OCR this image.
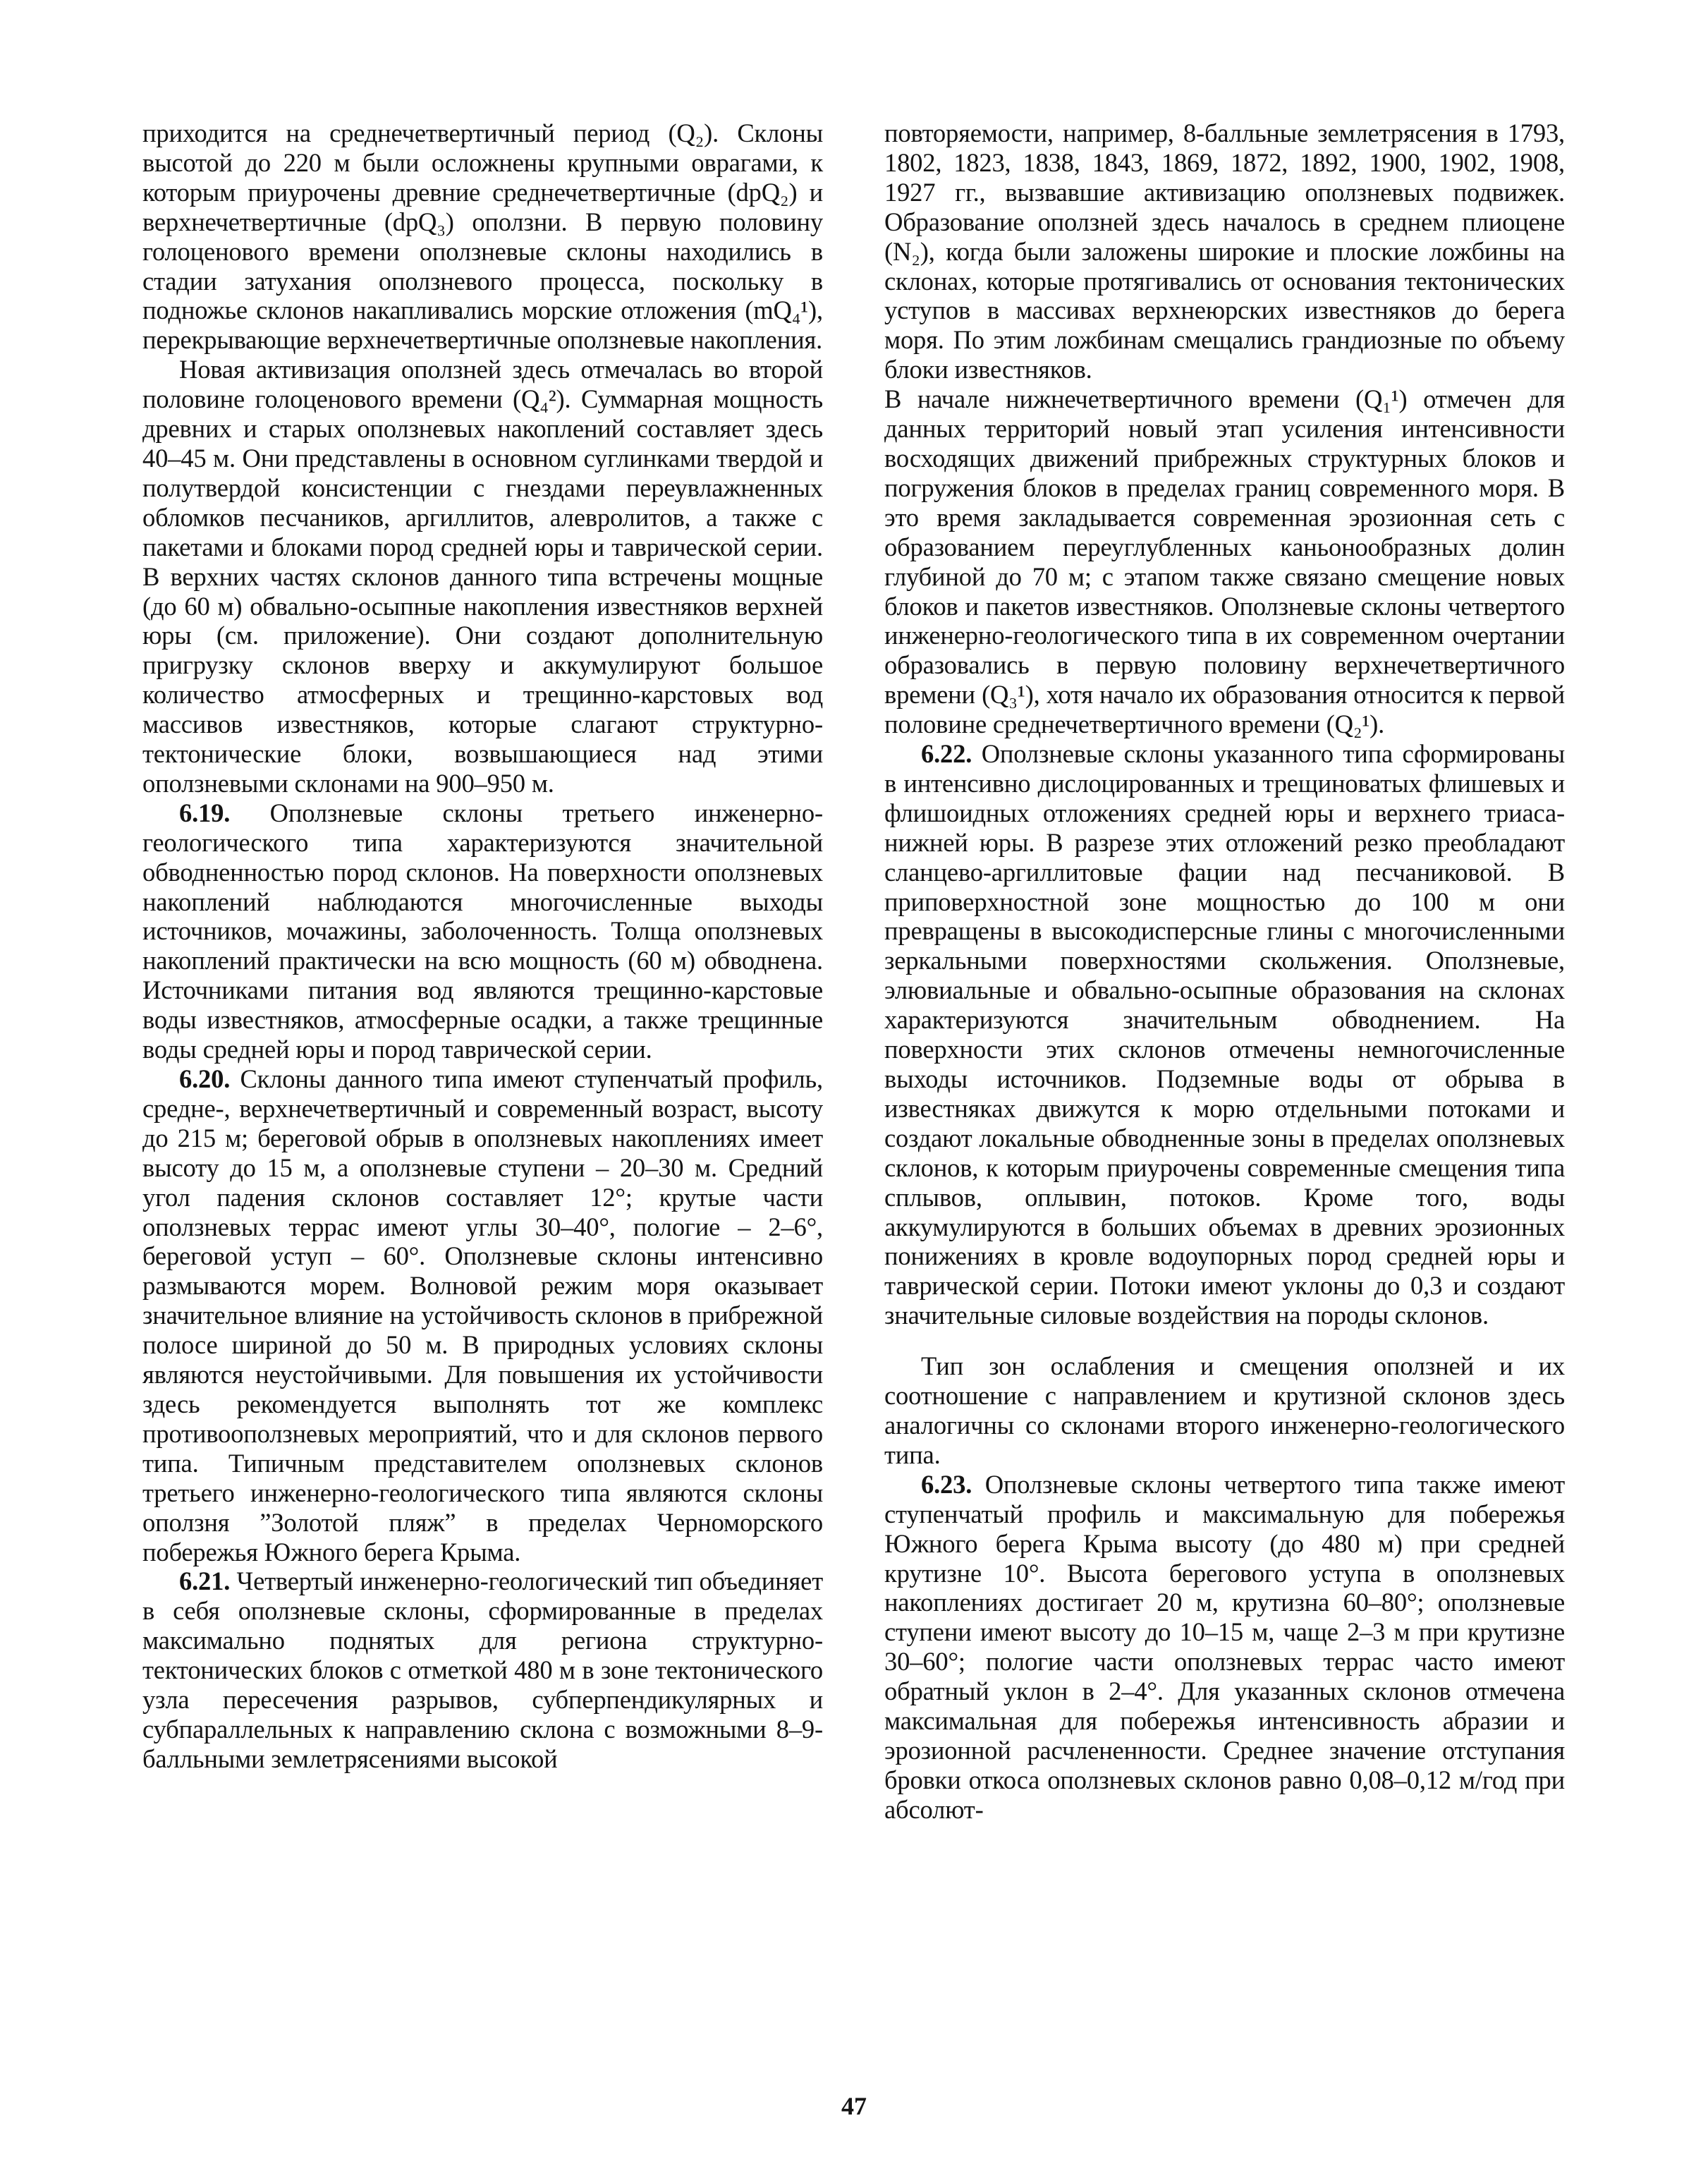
приходится на среднечетвертичный период (Q₂). Склоны высотой до 220 м были осложнены крупными оврагами, к которым приурочены древние среднечетвертичные (dpQ₂) и верхнечетвертичные (dpQ₃) оползни. В первую половину голоценового времени оползневые склоны находились в стадии затухания оползневого процесса, поскольку в подножье склонов накапливались морские отложения (mQ₄¹), перекрывающие верхнечетвертичные оползневые накопления.

Новая активизация оползней здесь отмечалась во второй половине голоценового времени (Q₄²). Суммарная мощность древних и старых оползневых накоплений составляет здесь 40–45 м. Они представлены в основном суглинками твердой и полутвердой консистенции с гнездами переувлажненных обломков песчаников, аргиллитов, алевролитов, а также с пакетами и блоками пород средней юры и таврической серии. В верхних частях склонов данного типа встречены мощные (до 60 м) обвально-осыпные накопления известняков верхней юры (см. приложение). Они создают дополнительную пригрузку склонов вверху и аккумулируют большое количество атмосферных и трещинно-карстовых вод массивов известняков, которые слагают структурно-тектонические блоки, возвышающиеся над этими оползневыми склонами на 900–950 м.

6.19. Оползневые склоны третьего инженерно-геологического типа характеризуются значительной обводненностью пород склонов. На поверхности оползневых накоплений наблюдаются многочисленные выходы источников, мочажины, заболоченность. Толща оползневых накоплений практически на всю мощность (60 м) обводнена. Источниками питания вод являются трещинно-карстовые воды известняков, атмосферные осадки, а также трещинные воды средней юры и пород таврической серии.

6.20. Склоны данного типа имеют ступенчатый профиль, средне-, верхнечетвертичный и современный возраст, высоту до 215 м; береговой обрыв в оползневых накоплениях имеет высоту до 15 м, а оползневые ступени – 20–30 м. Средний угол падения склонов составляет 12°; крутые части оползневых террас имеют углы 30–40°, пологие – 2–6°, береговой уступ – 60°. Оползневые склоны интенсивно размываются морем. Волновой режим моря оказывает значительное влияние на устойчивость склонов в прибрежной полосе шириной до 50 м. В природных условиях склоны являются неустойчивыми. Для повышения их устойчивости здесь рекомендуется выполнять тот же комплекс противооползневых мероприятий, что и для склонов первого типа. Типичным представителем оползневых склонов третьего инженерно-геологического типа являются склоны оползня ”Золотой пляж” в пределах Черноморского побережья Южного берега Крыма.

6.21. Четвертый инженерно-геологический тип объединяет в себя оползневые склоны, сформированные в пределах максимально поднятых для региона структурно-тектонических блоков с отметкой 480 м в зоне тектонического узла пересечения разрывов, субперпендикулярных и субпараллельных к направлению склона с возможными 8–9-балльными землетрясениями высокой

повторяемости, например, 8-балльные землетрясения в 1793, 1802, 1823, 1838, 1843, 1869, 1872, 1892, 1900, 1902, 1908, 1927 гг., вызвавшие активизацию оползневых подвижек. Образование оползней здесь началось в среднем плиоцене (N₂), когда были заложены широкие и плоские ложбины на склонах, которые протягивались от основания тектонических уступов в массивах верхнеюрских известняков до берега моря. По этим ложбинам смещались грандиозные по объему блоки известняков.

В начале нижнечетвертичного времени (Q₁¹) отмечен для данных территорий новый этап усиления интенсивности восходящих движений прибрежных структурных блоков и погружения блоков в пределах границ современного моря. В это время закладывается современная эрозионная сеть с образованием переуглубленных каньонообразных долин глубиной до 70 м; с этапом также связано смещение новых блоков и пакетов известняков. Оползневые склоны четвертого инженерно-геологического типа в их современном очертании образовались в первую половину верхнечетвертичного времени (Q₃¹), хотя начало их образования относится к первой половине среднечетвертичного времени (Q₂¹).

6.22. Оползневые склоны указанного типа сформированы в интенсивно дислоцированных и трещиноватых флишевых и флишоидных отложениях средней юры и верхнего триаса-нижней юры. В разрезе этих отложений резко преобладают сланцево-аргиллитовые фации над песчаниковой. В приповерхностной зоне мощностью до 100 м они превращены в высокодисперсные глины с многочисленными зеркальными поверхностями скольжения. Оползневые, элювиальные и обвально-осыпные образования на склонах характеризуются значительным обводнением. На поверхности этих склонов отмечены немногочисленные выходы источников. Подземные воды от обрыва в известняках движутся к морю отдельными потоками и создают локальные обводненные зоны в пределах оползневых склонов, к которым приурочены современные смещения типа сплывов, оплывин, потоков. Кроме того, воды аккумулируются в больших объемах в древних эрозионных понижениях в кровле водоупорных пород средней юры и таврической серии. Потоки имеют уклоны до 0,3 и создают значительные силовые воздействия на породы склонов.

Тип зон ослабления и смещения оползней и их соотношение с направлением и крутизной склонов здесь аналогичны со склонами второго инженерно-геологического типа.

6.23. Оползневые склоны четвертого типа также имеют ступенчатый профиль и максимальную для побережья Южного берега Крыма высоту (до 480 м) при средней крутизне 10°. Высота берегового уступа в оползневых накоплениях достигает 20 м, крутизна 60–80°; оползневые ступени имеют высоту до 10–15 м, чаще 2–3 м при крутизне 30–60°; пологие части оползневых террас часто имеют обратный уклон в 2–4°. Для указанных склонов отмечена максимальная для побережья интенсивность абразии и эрозионной расчлененности. Среднее значение отступания бровки откоса оползневых склонов равно 0,08–0,12 м/год при абсолют-

47
